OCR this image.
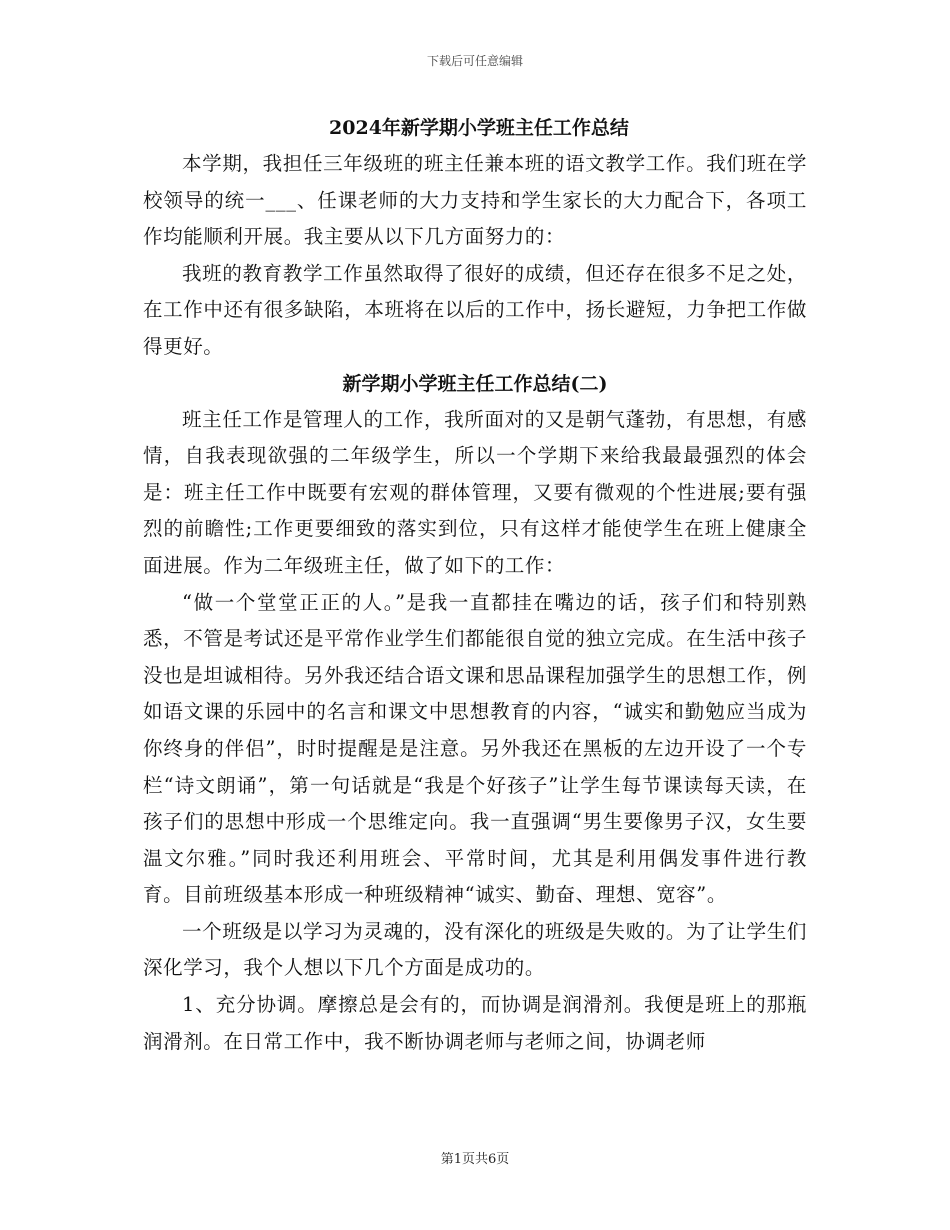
下载后可任意编辑
2024年新学期小学班主任工作总结

本学期，我担任三年级班的班主任兼本班的语文教学工作。我们班在学校领导的统一___、任课老师的大力支持和学生家长的大力配合下，各项工作均能顺利开展。我主要从以下几方面努力的：

我班的教育教学工作虽然取得了很好的成绩，但还存在很多不足之处，在工作中还有很多缺陷，本班将在以后的工作中，扬长避短，力争把工作做得更好。

新学期小学班主任工作总结(二)

班主任工作是管理人的工作，我所面对的又是朝气蓬勃，有思想，有感情，自我表现欲强的二年级学生，所以一个学期下来给我最最强烈的体会是：班主任工作中既要有宏观的群体管理，又要有微观的个性进展;要有强烈的前瞻性;工作更要细致的落实到位，只有这样才能使学生在班上健康全面进展。作为二年级班主任，做了如下的工作：

“做一个堂堂正正的人。”是我一直都挂在嘴边的话，孩子们和特别熟悉，不管是考试还是平常作业学生们都能很自觉的独立完成。在生活中孩子没也是坦诚相待。另外我还结合语文课和思品课程加强学生的思想工作，例如语文课的乐园中的名言和课文中思想教育的内容，“诚实和勤勉应当成为你终身的伴侣”，时时提醒是是注意。另外我还在黑板的左边开设了一个专栏“诗文朗诵”，第一句话就是“我是个好孩子”让学生每节课读每天读，在孩子们的思想中形成一个思维定向。我一直强调“男生要像男子汉，女生要温文尔雅。”同时我还利用班会、平常时间，尤其是利用偶发事件进行教育。目前班级基本形成一种班级精神“诚实、勤奋、理想、宽容”。

一个班级是以学习为灵魂的，没有深化的班级是失败的。为了让学生们深化学习，我个人想以下几个方面是成功的。

1、充分协调。摩擦总是会有的，而协调是润滑剂。我便是班上的那瓶润滑剂。在日常工作中，我不断协调老师与老师之间，协调老师

第1页共6页
